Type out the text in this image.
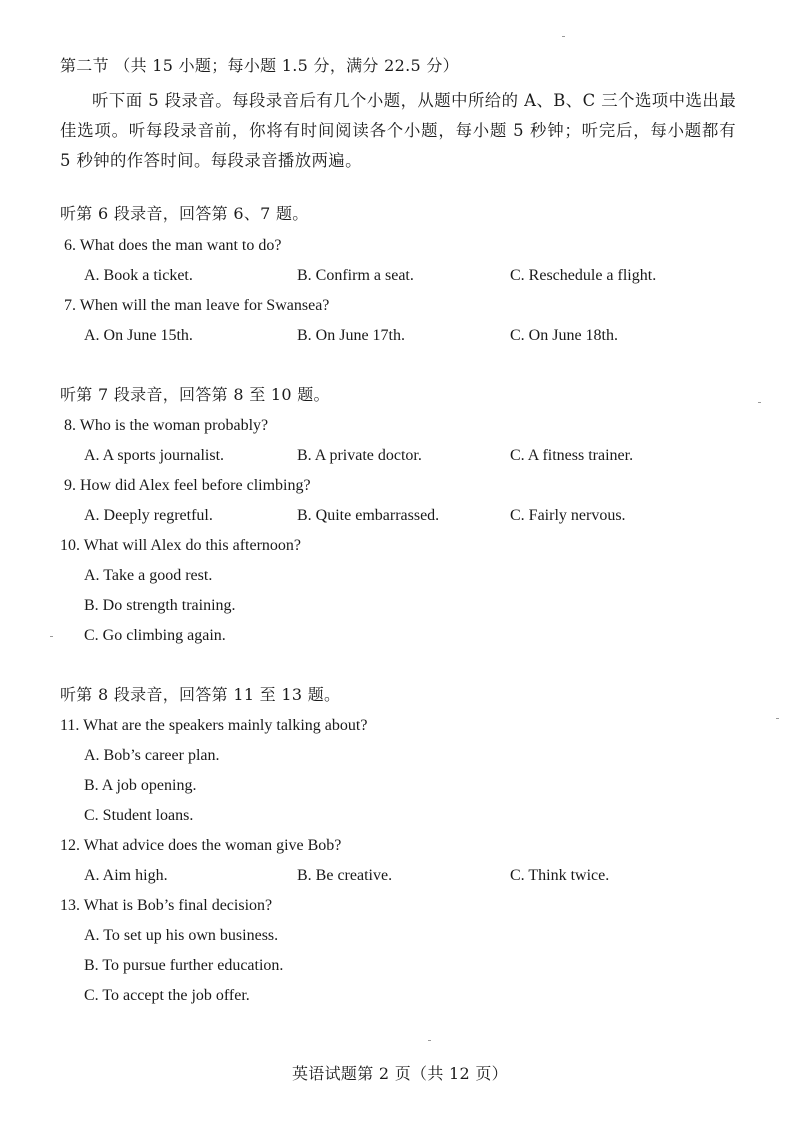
第二节 （共 15 小题；每小题 1.5 分，满分 22.5 分）
听下面 5 段录音。每段录音后有几个小题，从题中所给的 A、B、C 三个选项中选出最佳选项。听每段录音前，你将有时间阅读各个小题，每小题 5 秒钟；听完后，每小题都有 5 秒钟的作答时间。每段录音播放两遍。
听第 6 段录音，回答第 6、7 题。
6. What does the man want to do?
A. Book a ticket.	B. Confirm a seat.	C. Reschedule a flight.
7. When will the man leave for Swansea?
A. On June 15th.	B. On June 17th.	C. On June 18th.
听第 7 段录音，回答第 8 至 10 题。
8. Who is the woman probably?
A. A sports journalist.	B. A private doctor.	C. A fitness trainer.
9. How did Alex feel before climbing?
A. Deeply regretful.	B. Quite embarrassed.	C. Fairly nervous.
10. What will Alex do this afternoon?
A. Take a good rest.
B. Do strength training.
C. Go climbing again.
听第 8 段录音，回答第 11 至 13 题。
11. What are the speakers mainly talking about?
A. Bob’s career plan.
B. A job opening.
C. Student loans.
12. What advice does the woman give Bob?
A. Aim high.	B. Be creative.	C. Think twice.
13. What is Bob’s final decision?
A. To set up his own business.
B. To pursue further education.
C. To accept the job offer.
英语试题第 2 页（共 12 页）
